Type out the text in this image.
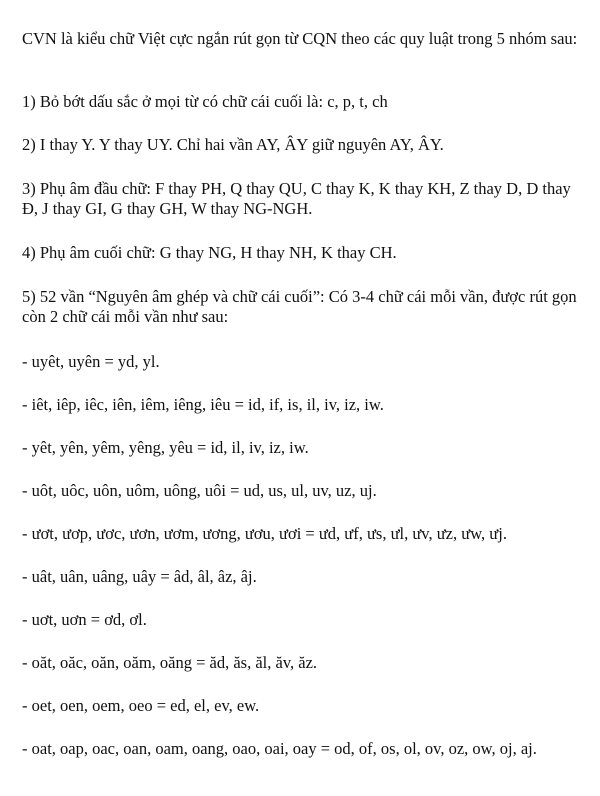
CVN là kiểu chữ Việt cực ngắn rút gọn từ CQN theo các quy luật trong 5 nhóm sau:

1) Bỏ bớt dấu sắc ở mọi từ có chữ cái cuối là: c, p, t, ch

2) I thay Y. Y thay UY. Chỉ hai vần AY, ÂY giữ nguyên AY, ÂY.

3) Phụ âm đầu chữ: F thay PH, Q thay QU, C thay K, K thay KH, Z thay D, D thay Đ, J thay GI, G thay GH, W thay NG-NGH.

4) Phụ âm cuối chữ: G thay NG, H thay NH, K thay CH.

5) 52 vần “Nguyên âm ghép và chữ cái cuối”: Có 3-4 chữ cái mỗi vần, được rút gọn còn 2 chữ cái mỗi vần như sau:

- uyêt, uyên = yd, yl.

- iêt, iêp, iêc, iên, iêm, iêng, iêu = id, if, is, il, iv, iz, iw.

- yêt, yên, yêm, yêng, yêu = id, il, iv, iz, iw.

- uôt, uôc, uôn, uôm, uông, uôi = ud, us, ul, uv, uz, uj.

- ươt, ươp, ươc, ươn, ươm, ương, ươu, ươi = ưd, ưf, ưs, ưl, ưv, ưz, ưw, ưj.

- uât, uân, uâng, uây = âd, âl, âz, âj.

- uơt, uơn = ơd, ơl.

- oăt, oăc, oăn, oăm, oăng = ăd, ăs, ăl, ăv, ăz.

- oet, oen, oem, oeo = ed, el, ev, ew.

- oat, oap, oac, oan, oam, oang, oao, oai, oay = od, of, os, ol, ov, oz, ow, oj, aj.
